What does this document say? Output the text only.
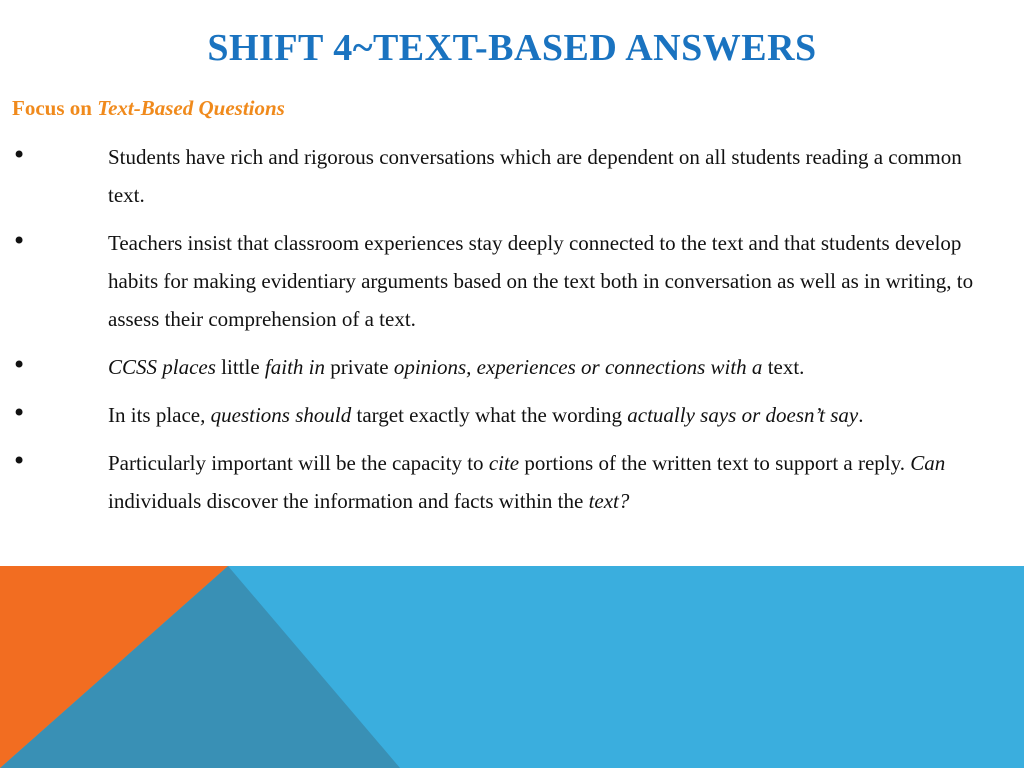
SHIFT 4~TEXT-BASED ANSWERS
Focus on Text-Based Questions
•	Students have rich and rigorous conversations which are dependent on all students reading a common text.
•	Teachers insist that classroom experiences stay deeply connected to the text and that students develop habits for making evidentiary arguments based on the text both in conversation as well as in writing, to assess their comprehension of a text.
•	CCSS places little faith in private opinions, experiences or connections with a text.
•	In its place, questions should target exactly what the wording actually says or doesn’t say.
•	Particularly important will be the capacity to cite portions of the written text to support a reply. Can individuals discover the information and facts within the text?
